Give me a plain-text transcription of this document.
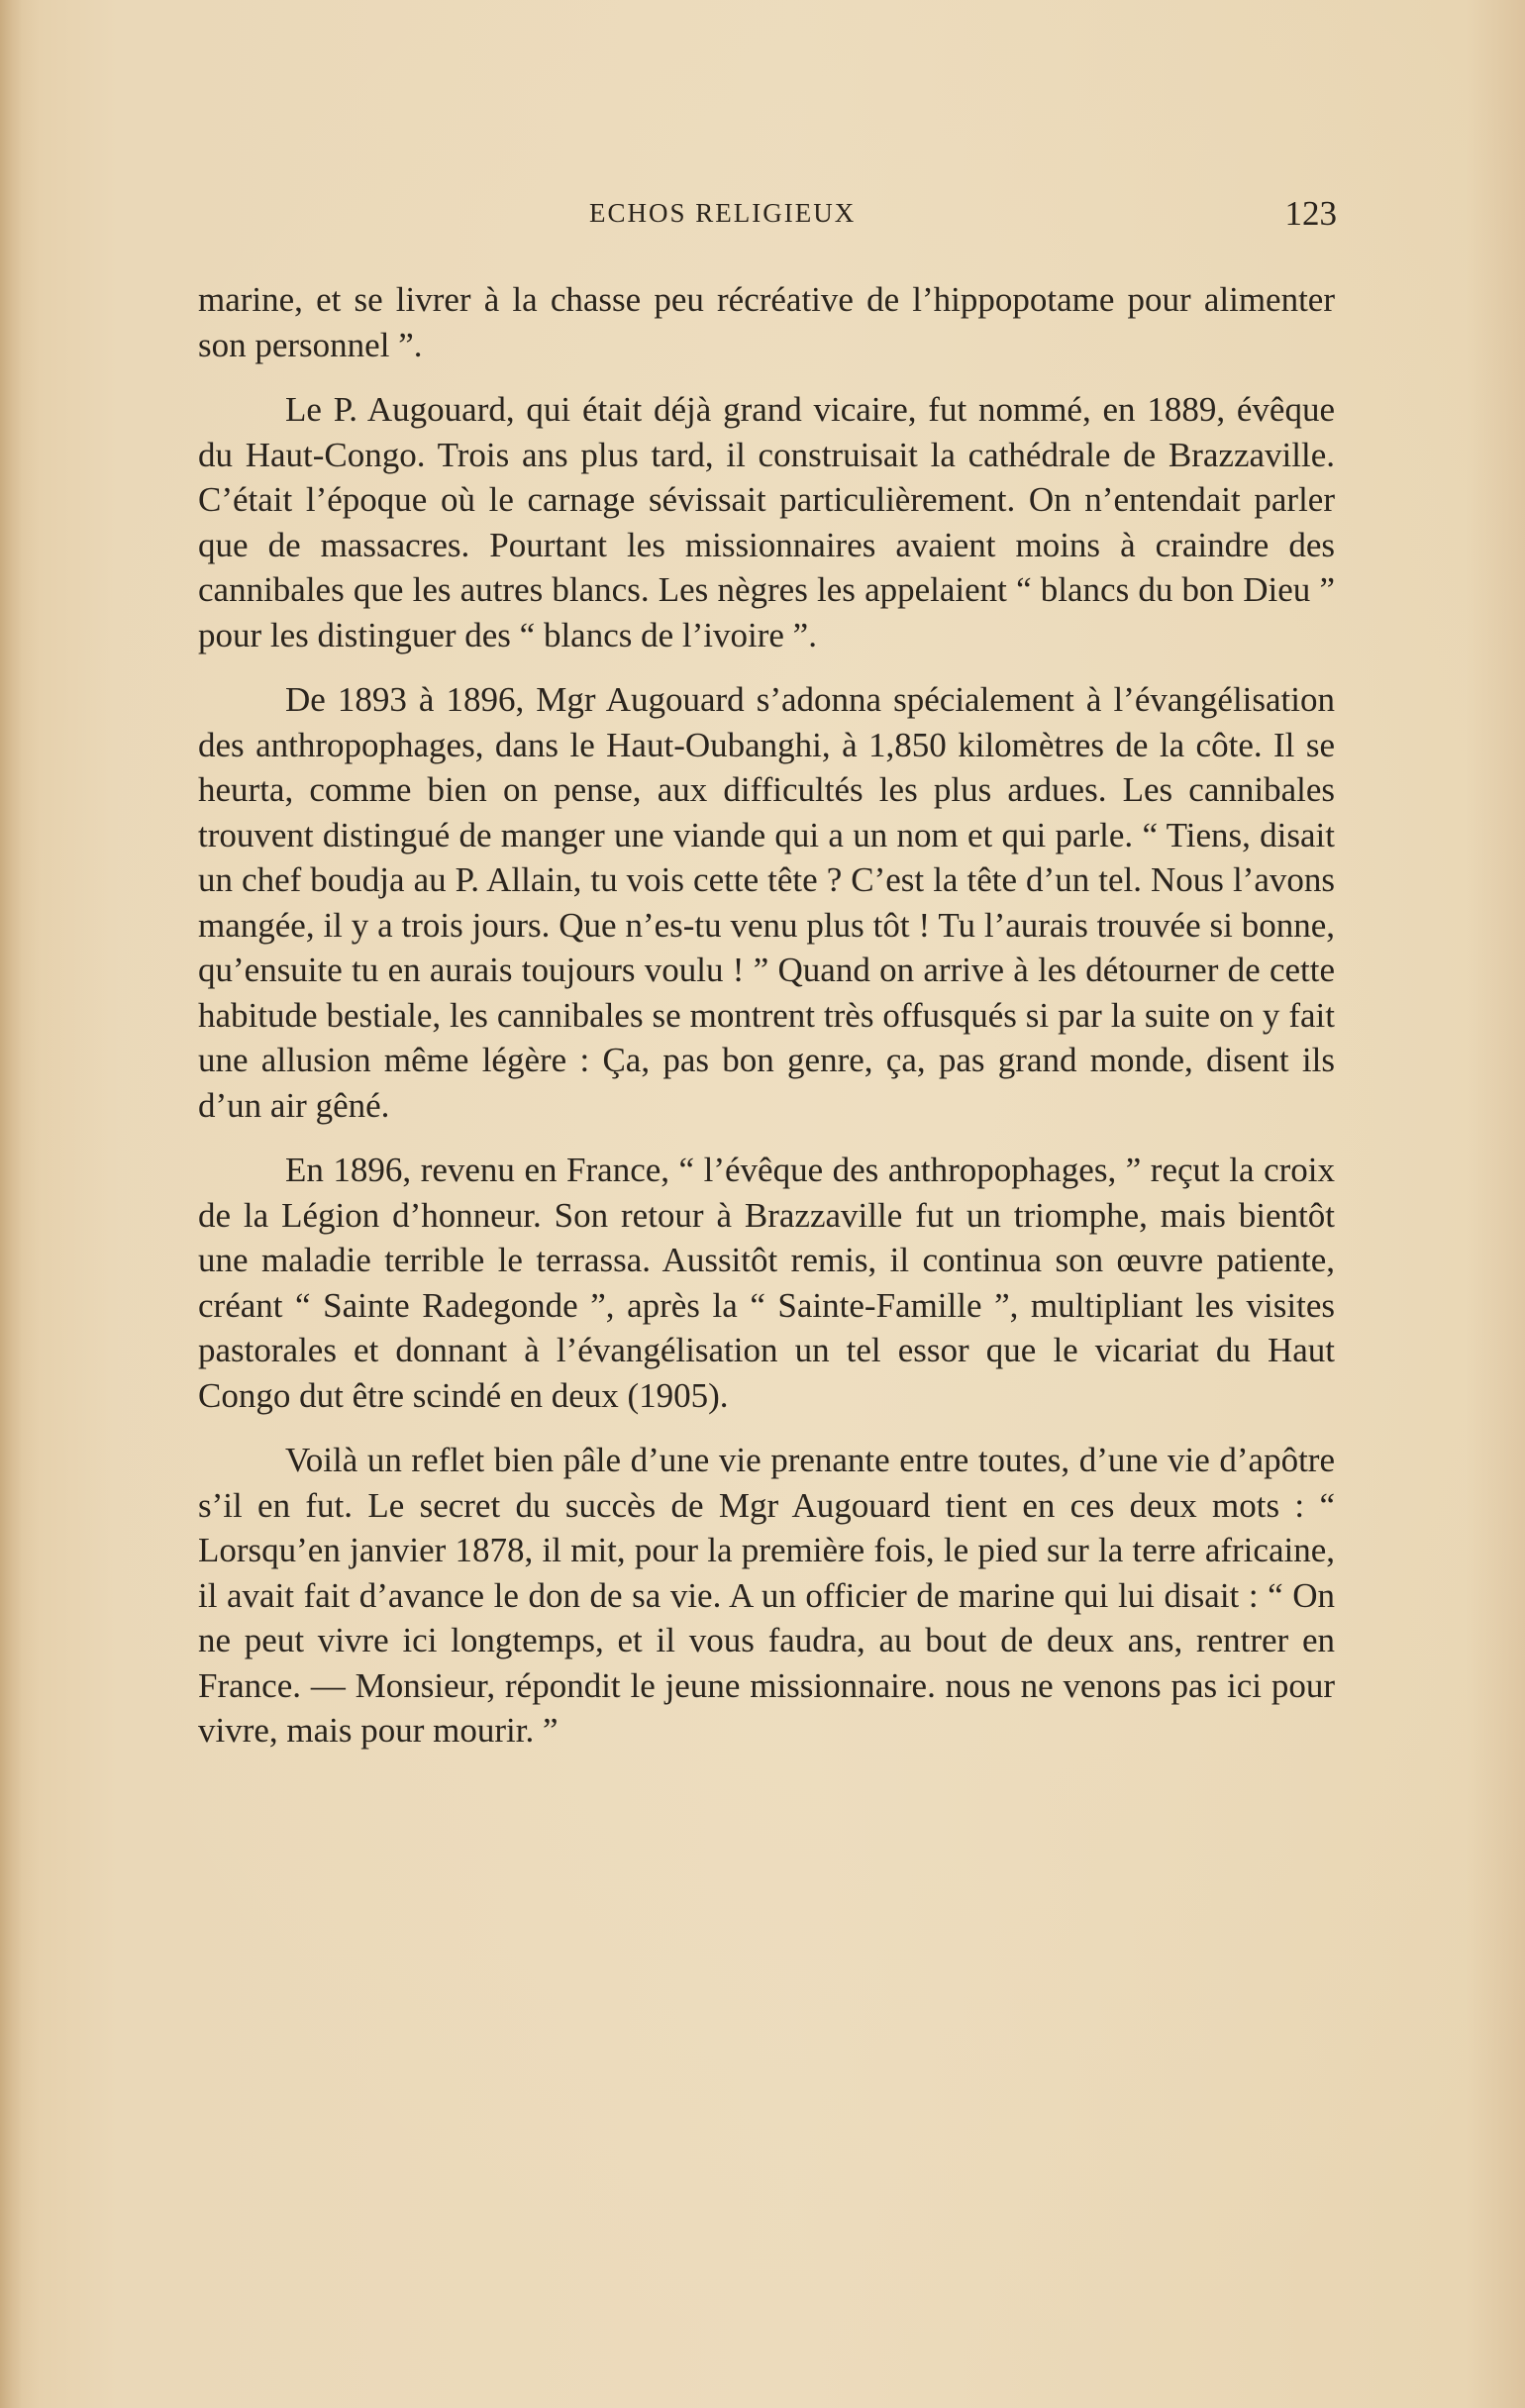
ECHOS RELIGIEUX	123

marine, et se livrer à la chasse peu récréative de l’hippopotame pour alimenter son personnel ”.

Le P. Augouard, qui était déjà grand vicaire, fut nommé, en 1889, évêque du Haut-Congo. Trois ans plus tard, il construisait la cathédrale de Brazzaville. C’était l’époque où le carnage sévissait particulièrement. On n’entendait parler que de massacres. Pourtant les missionnaires avaient moins à craindre des cannibales que les autres blancs. Les nègres les appelaient “ blancs du bon Dieu ” pour les distinguer des “ blancs de l’ivoire ”.

De 1893 à 1896, Mgr Augouard s’adonna spécialement à l’évangélisation des anthropophages, dans le Haut-Oubanghi, à 1,850 kilomètres de la côte. Il se heurta, comme bien on pense, aux difficultés les plus ardues. Les cannibales trouvent distingué de manger une viande qui a un nom et qui parle. “ Tiens, disait un chef boudja au P. Allain, tu vois cette tête ? C’est la tête d’un tel. Nous l’avons mangée, il y a trois jours. Que n’es-tu venu plus tôt ! Tu l’aurais trouvée si bonne, qu’ensuite tu en aurais toujours voulu ! ” Quand on arrive à les détourner de cette habitude bestiale, les cannibales se montrent très offusqués si par la suite on y fait une allusion même légère : Ça, pas bon genre, ça, pas grand monde, disent ils d’un air gêné.

En 1896, revenu en France, “ l’évêque des anthropophages, ” reçut la croix de la Légion d’honneur. Son retour à Brazzaville fut un triomphe, mais bientôt une maladie terrible le terrassa. Aussitôt remis, il continua son œuvre patiente, créant “ Sainte Radegonde ”, après la “ Sainte-Famille ”, multipliant les visites pastorales et donnant à l’évangélisation un tel essor que le vicariat du Haut Congo dut être scindé en deux (1905).

Voilà un reflet bien pâle d’une vie prenante entre toutes, d’une vie d’apôtre s’il en fut. Le secret du succès de Mgr Augouard tient en ces deux mots : “ Lorsqu’en janvier 1878, il mit, pour la première fois, le pied sur la terre africaine, il avait fait d’avance le don de sa vie. A un officier de marine qui lui disait : “ On ne peut vivre ici longtemps, et il vous faudra, au bout de deux ans, rentrer en France. — Monsieur, répondit le jeune missionnaire. nous ne venons pas ici pour vivre, mais pour mourir. ”
